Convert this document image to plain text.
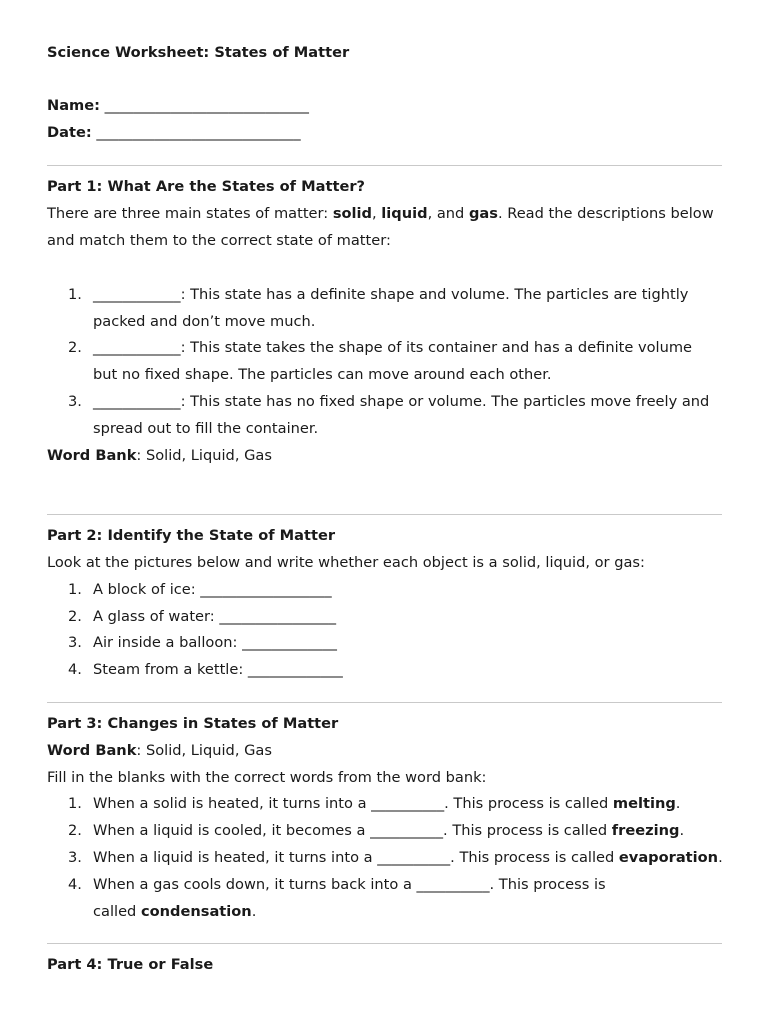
Science Worksheet: States of Matter
Name: ____________________________
Date: ____________________________
Part 1: What Are the States of Matter?
There are three main states of matter: solid, liquid, and gas. Read the descriptions below
and match them to the correct state of matter:
1. ____________: This state has a definite shape and volume. The particles are tightly
packed and don’t move much.
2. ____________: This state takes the shape of its container and has a definite volume
but no fixed shape. The particles can move around each other.
3. ____________: This state has no fixed shape or volume. The particles move freely and
spread out to fill the container.
Word Bank: Solid, Liquid, Gas
Part 2: Identify the State of Matter
Look at the pictures below and write whether each object is a solid, liquid, or gas:
1. A block of ice: __________________
2. A glass of water: ________________
3. Air inside a balloon: _____________
4. Steam from a kettle: _____________
Part 3: Changes in States of Matter
Word Bank: Solid, Liquid, Gas
Fill in the blanks with the correct words from the word bank:
1. When a solid is heated, it turns into a __________. This process is called melting.
2. When a liquid is cooled, it becomes a __________. This process is called freezing.
3. When a liquid is heated, it turns into a __________. This process is called evaporation.
4. When a gas cools down, it turns back into a __________. This process is
called condensation.
Part 4: True or False
